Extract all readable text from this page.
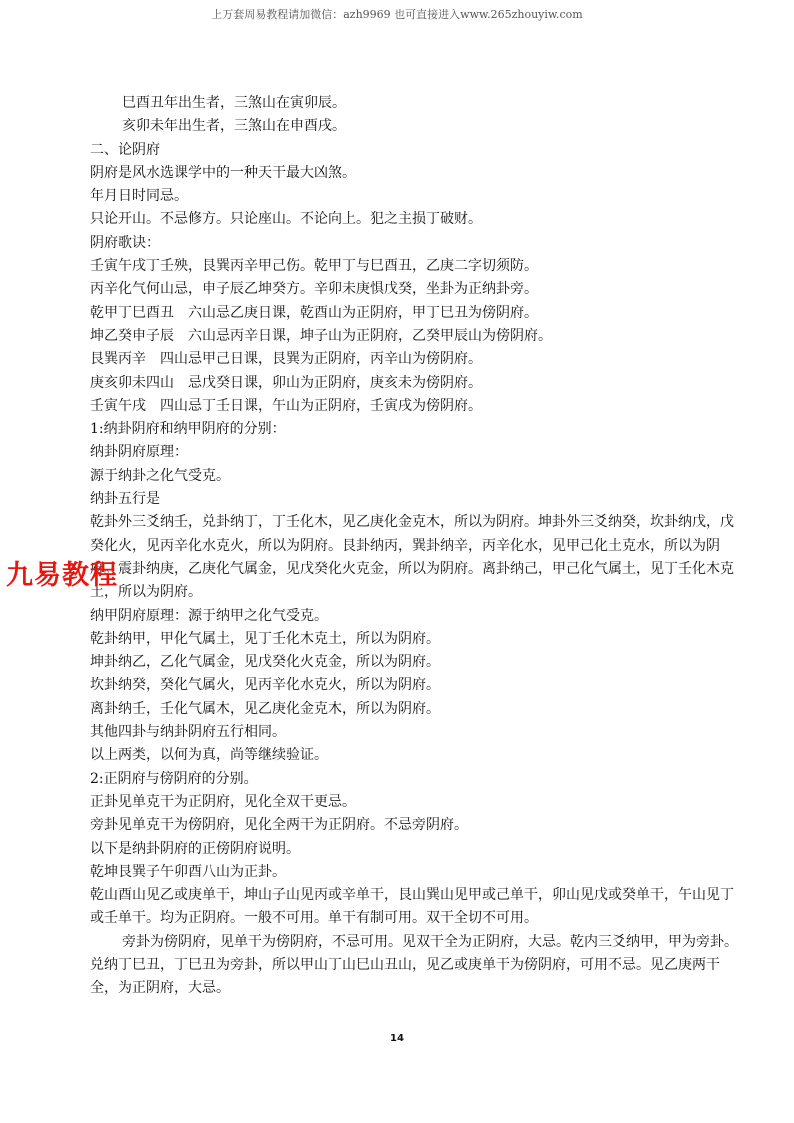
上万套周易教程请加微信：azh9969 也可直接进入www.265zhouyiw.com

巳酉丑年出生者，三煞山在寅卯辰。

亥卯未年出生者，三煞山在申酉戌。

二、论阴府

阴府是风水选课学中的一种天干最大凶煞。

年月日时同忌。

只论开山。不忌修方。只论座山。不论向上。犯之主损丁破财。

阴府歌诀：

壬寅午戌丁壬殃，艮巽丙辛甲己伤。乾甲丁与巳酉丑，乙庚二字切须防。

丙辛化气何山忌，申子辰乙坤癸方。辛卯未庚惧戊癸，坐卦为正纳卦旁。

乾甲丁巳酉丑　六山忌乙庚日课，乾酉山为正阴府，甲丁巳丑为傍阴府。

坤乙癸申子辰　六山忌丙辛日课，坤子山为正阴府，乙癸甲辰山为傍阴府。

艮巽丙辛　四山忌甲己日课，艮巽为正阴府，丙辛山为傍阴府。

庚亥卯未四山　忌戊癸日课，卯山为正阴府，庚亥未为傍阴府。

壬寅午戌　四山忌丁壬日课，午山为正阴府，壬寅戌为傍阴府。

1:纳卦阴府和纳甲阴府的分别：

纳卦阴府原理：

源于纳卦之化气受克。

纳卦五行是

乾卦外三爻纳壬，兑卦纳丁，丁壬化木，见乙庚化金克木，所以为阴府。坤卦外三爻纳癸，坎卦纳戊，戊癸化火，见丙辛化水克火，所以为阴府。艮卦纳丙，巽卦纳辛，丙辛化水，见甲己化土克水，所以为阴府。震卦纳庚，乙庚化气属金，见戊癸化火克金，所以为阴府。离卦纳己，甲己化气属土，见丁壬化木克土，所以为阴府。

纳甲阴府原理：源于纳甲之化气受克。

乾卦纳甲，甲化气属土，见丁壬化木克土，所以为阴府。

坤卦纳乙，乙化气属金，见戊癸化火克金，所以为阴府。

坎卦纳癸，癸化气属火，见丙辛化水克火，所以为阴府。

离卦纳壬，壬化气属木，见乙庚化金克木，所以为阴府。

其他四卦与纳卦阴府五行相同。

以上两类，以何为真，尚等继续验证。

2:正阴府与傍阴府的分别。

正卦见单克干为正阴府，见化全双干更忌。

旁卦见单克干为傍阴府，见化全两干为正阴府。不忌旁阴府。

以下是纳卦阴府的正傍阴府说明。

乾坤艮巽子午卯酉八山为正卦。

乾山酉山见乙或庚单干，坤山子山见丙或辛单干，艮山巽山见甲或己单干，卯山见戊或癸单干，午山见丁或壬单干。均为正阴府。一般不可用。单干有制可用。双干全切不可用。

旁卦为傍阴府，见单干为傍阴府，不忌可用。见双干全为正阴府，大忌。乾内三爻纳甲，甲为旁卦。兑纳丁巳丑，丁巳丑为旁卦，所以甲山丁山巳山丑山，见乙或庚单干为傍阴府，可用不忌。见乙庚两干全，为正阴府，大忌。

九易教程
14
